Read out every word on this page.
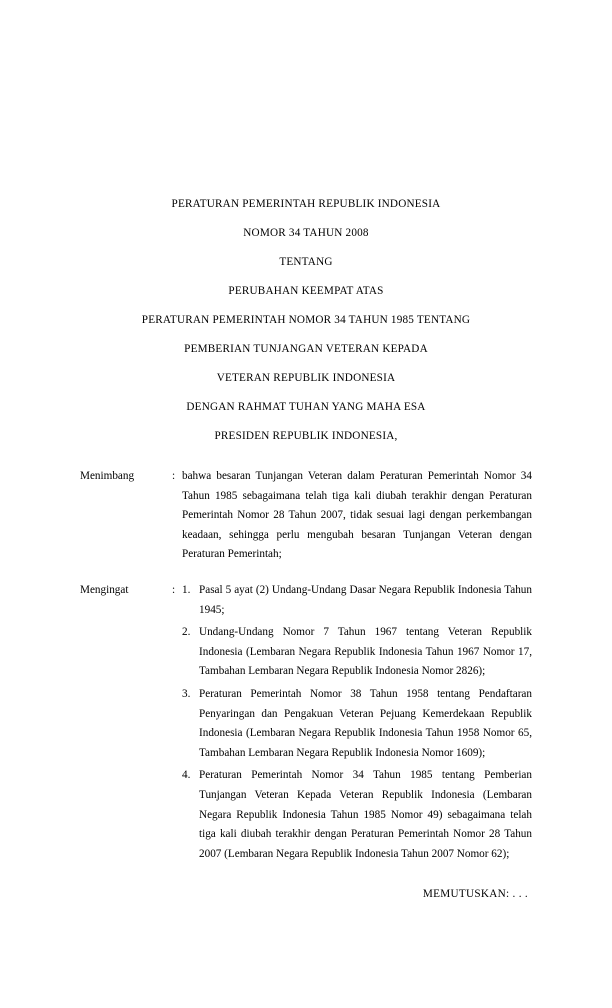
PERATURAN PEMERINTAH REPUBLIK INDONESIA
NOMOR 34 TAHUN 2008
TENTANG
PERUBAHAN KEEMPAT ATAS
PERATURAN PEMERINTAH NOMOR 34 TAHUN 1985 TENTANG
PEMBERIAN TUNJANGAN VETERAN KEPADA
VETERAN REPUBLIK INDONESIA
DENGAN RAHMAT TUHAN YANG MAHA ESA
PRESIDEN REPUBLIK INDONESIA,
Menimbang	: bahwa besaran Tunjangan Veteran dalam Peraturan Pemerintah Nomor 34 Tahun 1985 sebagaimana telah tiga kali diubah terakhir dengan Peraturan Pemerintah Nomor 28 Tahun 2007, tidak sesuai lagi dengan perkembangan keadaan, sehingga perlu mengubah besaran Tunjangan Veteran dengan Peraturan Pemerintah;
Mengingat	: 1. Pasal 5 ayat (2) Undang-Undang Dasar Negara Republik Indonesia Tahun 1945;
2. Undang-Undang Nomor 7 Tahun 1967 tentang Veteran Republik Indonesia (Lembaran Negara Republik Indonesia Tahun 1967 Nomor 17, Tambahan Lembaran Negara Republik Indonesia Nomor 2826);
3. Peraturan Pemerintah Nomor 38 Tahun 1958 tentang Pendaftaran Penyaringan dan Pengakuan Veteran Pejuang Kemerdekaan Republik Indonesia (Lembaran Negara Republik Indonesia Tahun 1958 Nomor 65, Tambahan Lembaran Negara Republik Indonesia Nomor 1609);
4. Peraturan Pemerintah Nomor 34 Tahun 1985 tentang Pemberian Tunjangan Veteran Kepada Veteran Republik Indonesia (Lembaran Negara Republik Indonesia Tahun 1985 Nomor 49) sebagaimana telah tiga kali diubah terakhir dengan Peraturan Pemerintah Nomor 28 Tahun 2007 (Lembaran Negara Republik Indonesia Tahun 2007 Nomor 62);
MEMUTUSKAN: . . .
